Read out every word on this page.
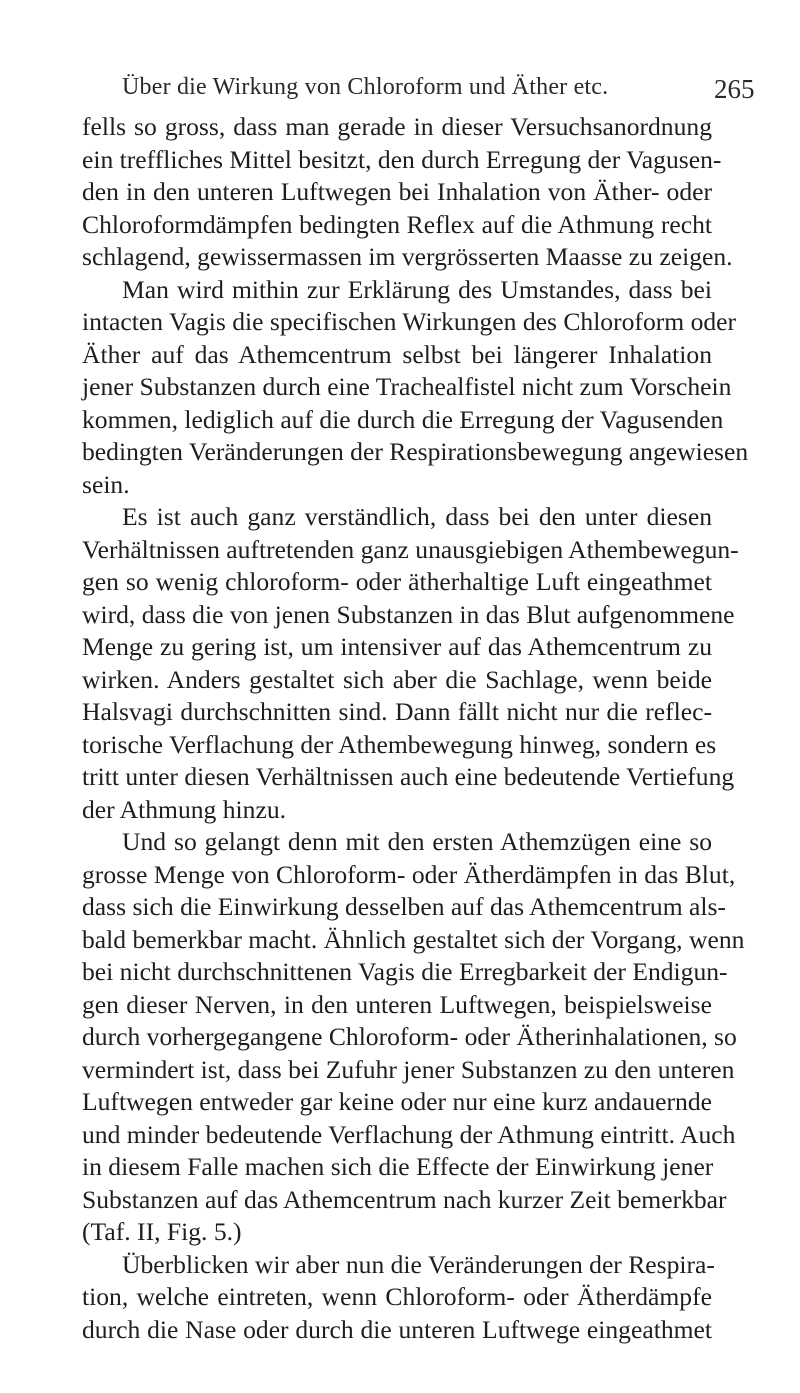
Über die Wirkung von Chloroform und Äther etc.	265
fells so gross, dass man gerade in dieser Versuchsanordnung
ein treffliches Mittel besitzt, den durch Erregung der Vagusen-
den in den unteren Luftwegen bei Inhalation von Äther- oder
Chloroformdämpfen bedingten Reflex auf die Athmung recht
schlagend, gewissermassen im vergrösserten Maasse zu zeigen.
Man wird mithin zur Erklärung des Umstandes, dass bei
intacten Vagis die specifischen Wirkungen des Chloroform oder
Äther auf das Athemcentrum selbst bei längerer Inhalation
jener Substanzen durch eine Trachealfistel nicht zum Vorschein
kommen, lediglich auf die durch die Erregung der Vagusenden
bedingten Veränderungen der Respirationsbewegung angewiesen
sein.
Es ist auch ganz verständlich, dass bei den unter diesen
Verhältnissen auftretenden ganz unausgiebigen Athembewegun-
gen so wenig chloroform- oder ätherhaltige Luft eingeathmet
wird, dass die von jenen Substanzen in das Blut aufgenommene
Menge zu gering ist, um intensiver auf das Athemcentrum zu
wirken. Anders gestaltet sich aber die Sachlage, wenn beide
Halsvagi durchschnitten sind. Dann fällt nicht nur die reflec-
torische Verflachung der Athembewegung hinweg, sondern es
tritt unter diesen Verhältnissen auch eine bedeutende Vertiefung
der Athmung hinzu.
Und so gelangt denn mit den ersten Athemzügen eine so
grosse Menge von Chloroform- oder Ätherdämpfen in das Blut,
dass sich die Einwirkung desselben auf das Athemcentrum als-
bald bemerkbar macht. Ähnlich gestaltet sich der Vorgang, wenn
bei nicht durchschnittenen Vagis die Erregbarkeit der Endigun-
gen dieser Nerven, in den unteren Luftwegen, beispielsweise
durch vorhergegangene Chloroform- oder Ätherinhalationen, so
vermindert ist, dass bei Zufuhr jener Substanzen zu den unteren
Luftwegen entweder gar keine oder nur eine kurz andauernde
und minder bedeutende Verflachung der Athmung eintritt. Auch
in diesem Falle machen sich die Effecte der Einwirkung jener
Substanzen auf das Athemcentrum nach kurzer Zeit bemerkbar
(Taf. II, Fig. 5.)
Überblicken wir aber nun die Veränderungen der Respira-
tion, welche eintreten, wenn Chloroform- oder Ätherdämpfe
durch die Nase oder durch die unteren Luftwege eingeathmet
